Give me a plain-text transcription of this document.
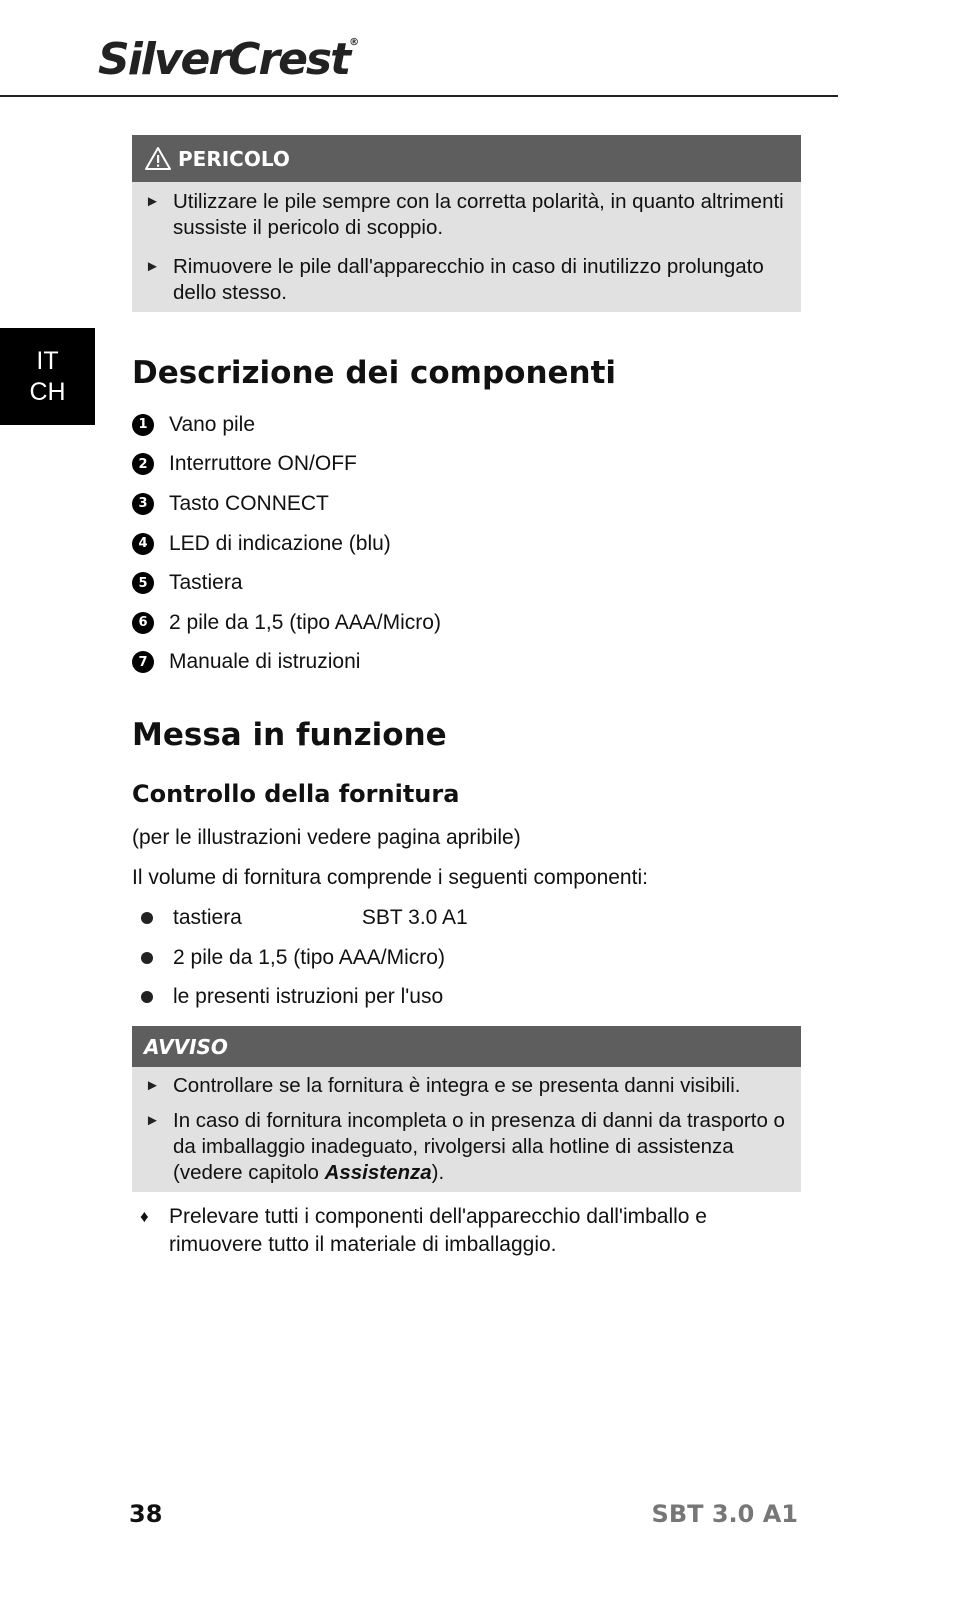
SilverCrest®
IT
CH
PERICOLO
► Utilizzare le pile sempre con la corretta polarità, in quanto altrimenti sussiste il pericolo di scoppio.
► Rimuovere le pile dall'apparecchio in caso di inutilizzo prolungato dello stesso.
Descrizione dei componenti
1	Vano pile
2	Interruttore ON/OFF
3	Tasto CONNECT
4	LED di indicazione (blu)
5	Tastiera
6	2 pile da 1,5 (tipo AAA/Micro)
7	Manuale di istruzioni
Messa in funzione
Controllo della fornitura

(per le illustrazioni vedere pagina apribile)

Il volume di fornitura comprende i seguenti componenti:

tastiera	SBT 3.0 A1
2 pile da 1,5 (tipo AAA/Micro)
le presenti istruzioni per l'uso
AVVISO
► Controllare se la fornitura è integra e se presenta danni visibili.
► In caso di fornitura incompleta o in presenza di danni da trasporto o da imballaggio inadeguato, rivolgersi alla hotline di assistenza (vedere capitolo Assistenza).
♦ Prelevare tutti i componenti dell'apparecchio dall'imballo e rimuovere tutto il materiale di imballaggio.
38	SBT 3.0 A1
